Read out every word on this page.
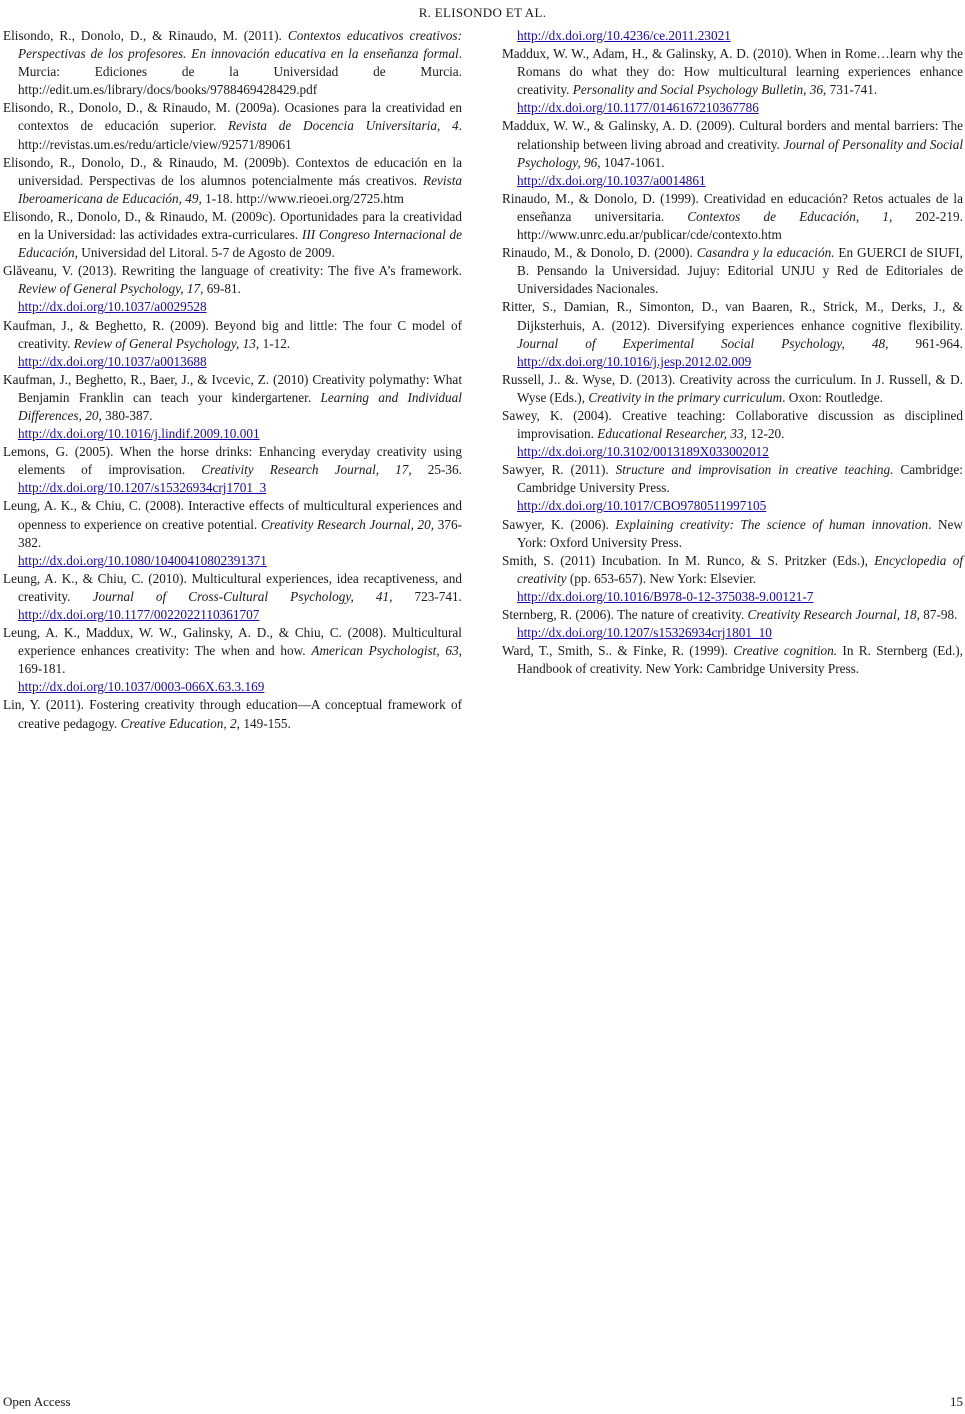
R. ELISONDO ET AL.

Elisondo, R., Donolo, D., & Rinaudo, M. (2011). Contextos educativos creativos: Perspectivas de los profesores. En innovación educativa en la enseñanza formal. Murcia: Ediciones de la Universidad de Murcia. http://edit.um.es/library/docs/books/9788469428429.pdf

Elisondo, R., Donolo, D., & Rinaudo, M. (2009a). Ocasiones para la creatividad en contextos de educación superior. Revista de Docencia Universitaria, 4. http://revistas.um.es/redu/article/view/92571/89061

Elisondo, R., Donolo, D., & Rinaudo, M. (2009b). Contextos de educación en la universidad. Perspectivas de los alumnos potencialmente más creativos. Revista Iberoamericana de Educación, 49, 1-18. http://www.rieoei.org/2725.htm

Elisondo, R., Donolo, D., & Rinaudo, M. (2009c). Oportunidades para la creatividad en la Universidad: las actividades extra-curriculares. III Congreso Internacional de Educación, Universidad del Litoral. 5-7 de Agosto de 2009.

Glăveanu, V. (2013). Rewriting the language of creativity: The five A’s framework. Review of General Psychology, 17, 69-81.
http://dx.doi.org/10.1037/a0029528

Kaufman, J., & Beghetto, R. (2009). Beyond big and little: The four C model of creativity. Review of General Psychology, 13, 1-12.
http://dx.doi.org/10.1037/a0013688

Kaufman, J., Beghetto, R., Baer, J., & Ivcevic, Z. (2010) Creativity polymathy: What Benjamin Franklin can teach your kindergartener. Learning and Individual Differences, 20, 380-387.
http://dx.doi.org/10.1016/j.lindif.2009.10.001

Lemons, G. (2005). When the horse drinks: Enhancing everyday creativity using elements of improvisation. Creativity Research Journal, 17, 25-36. http://dx.doi.org/10.1207/s15326934crj1701_3

Leung, A. K., & Chiu, C. (2008). Interactive effects of multicultural experiences and openness to experience on creative potential. Creativity Research Journal, 20, 376-382.
http://dx.doi.org/10.1080/10400410802391371

Leung, A. K., & Chiu, C. (2010). Multicultural experiences, idea recaptiveness, and creativity. Journal of Cross-Cultural Psychology, 41, 723-741. http://dx.doi.org/10.1177/0022022110361707

Leung, A. K., Maddux, W. W., Galinsky, A. D., & Chiu, C. (2008). Multicultural experience enhances creativity: The when and how. American Psychologist, 63, 169-181.
http://dx.doi.org/10.1037/0003-066X.63.3.169

Lin, Y. (2011). Fostering creativity through education—A conceptual framework of creative pedagogy. Creative Education, 2, 149-155.

http://dx.doi.org/10.4236/ce.2011.23021

Maddux, W. W., Adam, H., & Galinsky, A. D. (2010). When in Rome…learn why the Romans do what they do: How multicultural learning experiences enhance creativity. Personality and Social Psychology Bulletin, 36, 731-741.
http://dx.doi.org/10.1177/0146167210367786

Maddux, W. W., & Galinsky, A. D. (2009). Cultural borders and mental barriers: The relationship between living abroad and creativity. Journal of Personality and Social Psychology, 96, 1047-1061.
http://dx.doi.org/10.1037/a0014861

Rinaudo, M., & Donolo, D. (1999). Creatividad en educación? Retos actuales de la enseñanza universitaria. Contextos de Educación, 1, 202-219. http://www.unrc.edu.ar/publicar/cde/contexto.htm

Rinaudo, M., & Donolo, D. (2000). Casandra y la educación. En GUERCI de SIUFI, B. Pensando la Universidad. Jujuy: Editorial UNJU y Red de Editoriales de Universidades Nacionales.

Ritter, S., Damian, R., Simonton, D., van Baaren, R., Strick, M., Derks, J., & Dijksterhuis, A. (2012). Diversifying experiences enhance cognitive flexibility. Journal of Experimental Social Psychology, 48, 961-964. http://dx.doi.org/10.1016/j.jesp.2012.02.009

Russell, J.. &. Wyse, D. (2013). Creativity across the curriculum. In J. Russell, & D. Wyse (Eds.), Creativity in the primary curriculum. Oxon: Routledge.

Sawey, K. (2004). Creative teaching: Collaborative discussion as disciplined improvisation. Educational Researcher, 33, 12-20.
http://dx.doi.org/10.3102/0013189X033002012

Sawyer, R. (2011). Structure and improvisation in creative teaching. Cambridge: Cambridge University Press.
http://dx.doi.org/10.1017/CBO9780511997105

Sawyer, K. (2006). Explaining creativity: The science of human innovation. New York: Oxford University Press.

Smith, S. (2011) Incubation. In M. Runco, & S. Pritzker (Eds.), Encyclopedia of creativity (pp. 653-657). New York: Elsevier.
http://dx.doi.org/10.1016/B978-0-12-375038-9.00121-7

Sternberg, R. (2006). The nature of creativity. Creativity Research Journal, 18, 87-98.
http://dx.doi.org/10.1207/s15326934crj1801_10

Ward, T., Smith, S.. & Finke, R. (1999). Creative cognition. In R. Sternberg (Ed.), Handbook of creativity. New York: Cambridge University Press.

Open Access	15
